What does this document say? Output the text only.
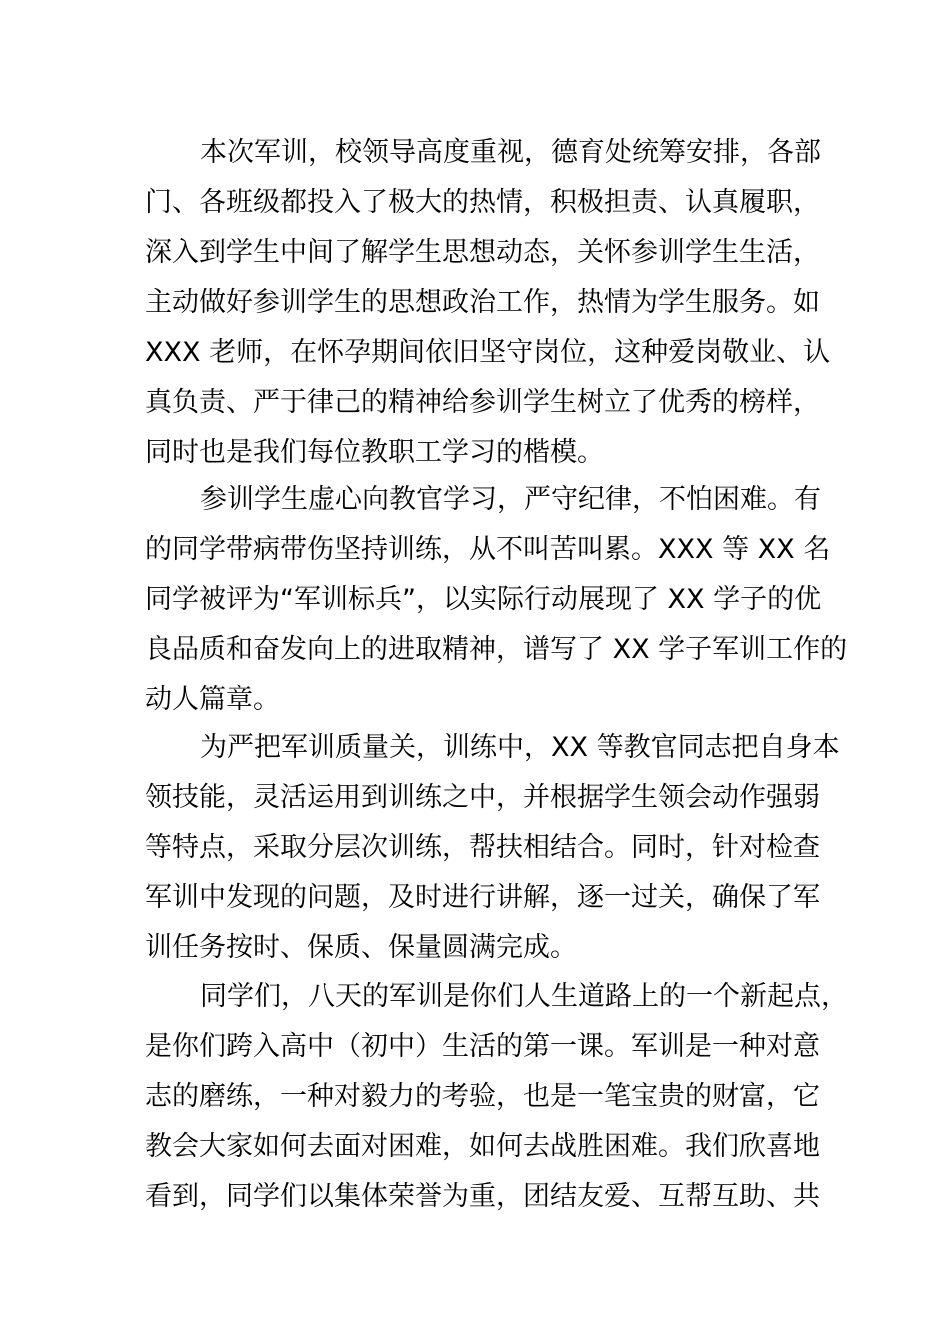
本次军训，校领导高度重视，德育处统筹安排，各部
门、各班级都投入了极大的热情，积极担责、认真履职，
深入到学生中间了解学生思想动态，关怀参训学生生活，
主动做好参训学生的思想政治工作，热情为学生服务。如
XXX 老师，在怀孕期间依旧坚守岗位，这种爱岗敬业、认
真负责、严于律己的精神给参训学生树立了优秀的榜样，
同时也是我们每位教职工学习的楷模。
参训学生虚心向教官学习，严守纪律，不怕困难。有
的同学带病带伤坚持训练，从不叫苦叫累。XXX 等 XX 名
同学被评为“军训标兵”，以实际行动展现了 XX 学子的优
良品质和奋发向上的进取精神，谱写了 XX 学子军训工作的
动人篇章。
为严把军训质量关，训练中，XX 等教官同志把自身本
领技能，灵活运用到训练之中，并根据学生领会动作强弱
等特点，采取分层次训练，帮扶相结合。同时，针对检查
军训中发现的问题，及时进行讲解，逐一过关，确保了军
训任务按时、保质、保量圆满完成。
同学们，八天的军训是你们人生道路上的一个新起点，
是你们跨入高中（初中）生活的第一课。军训是一种对意
志的磨练，一种对毅力的考验，也是一笔宝贵的财富，它
教会大家如何去面对困难，如何去战胜困难。我们欣喜地
看到，同学们以集体荣誉为重，团结友爱、互帮互助、共
